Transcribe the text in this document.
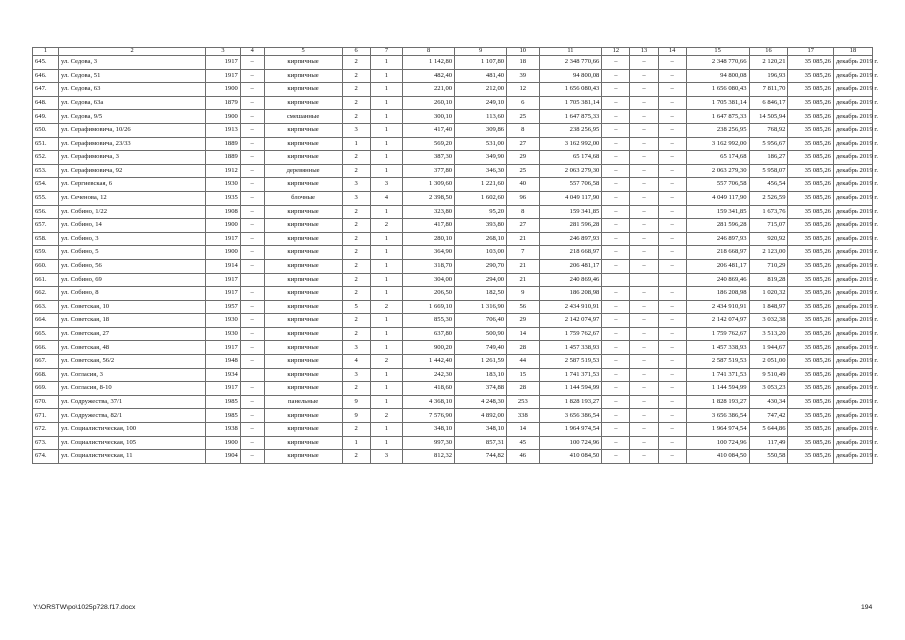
1	2	3	4	5	6	7	8	9	10	11	12	13	14	15	16	17	18
645.	ул. Седова, 3	1917	–	кирпичные	2	1	1 142,80	1 107,80	18	2 348 770,66	–	–	–	2 348 770,66	2 120,21	35 085,26	декабрь 2019 г.
646.	ул. Седова, 51	1917	–	кирпичные	2	1	482,40	481,40	39	94 800,08	–	–	–	94 800,08	196,93	35 085,26	декабрь 2019 г.
647.	ул. Седова, 63	1900	–	кирпичные	2	1	221,00	212,00	12	1 656 080,43	–	–	–	1 656 080,43	7 811,70	35 085,26	декабрь 2019 г.
648.	ул. Седова, 63а	1879	–	кирпичные	2	1	260,10	249,10	6	1 705 381,14	–	–	–	1 705 381,14	6 846,17	35 085,26	декабрь 2019 г.
649.	ул. Седова, 9/5	1900	–	смешанные	2	1	300,10	113,60	25	1 647 875,33	–	–	–	1 647 875,33	14 505,94	35 085,26	декабрь 2019 г.
650.	ул. Серафимовича, 10/26	1913	–	кирпичные	3	1	417,40	309,86	8	238 256,95	–	–	–	238 256,95	768,92	35 085,26	декабрь 2019 г.
651.	ул. Серафимовича, 23/33	1889	–	кирпичные	1	1	569,20	531,00	27	3 162 992,00	–	–	–	3 162 992,00	5 956,67	35 085,26	декабрь 2019 г.
652.	ул. Серафимовича, 3	1889	–	кирпичные	2	1	387,30	349,90	29	65 174,68	–	–	–	65 174,68	186,27	35 085,26	декабрь 2019 г.
653.	ул. Серафимовича, 92	1912	–	деревянные	2	1	377,80	346,30	25	2 063 279,30	–	–	–	2 063 279,30	5 958,07	35 085,26	декабрь 2019 г.
654.	ул. Сергиевская, 6	1930	–	кирпичные	3	3	1 309,60	1 221,60	40	557 706,58	–	–	–	557 706,58	456,54	35 085,26	декабрь 2019 г.
655.	ул. Сеченова, 12	1935	–	блочные	3	4	2 398,50	1 602,60	96	4 049 117,90	–	–	–	4 049 117,90	2 526,59	35 085,26	декабрь 2019 г.
656.	ул. Собино, 1/22	1908	–	кирпичные	2	1	323,80	95,20	8	159 341,85	–	–	–	159 341,85	1 673,76	35 085,26	декабрь 2019 г.
657.	ул. Собино, 14	1900	–	кирпичные	2	2	417,80	393,80	27	281 596,28	–	–	–	281 596,28	715,07	35 085,26	декабрь 2019 г.
658.	ул. Собино, 3	1917	–	кирпичные	2	1	280,10	268,10	21	246 897,93	–	–	–	246 897,93	920,92	35 085,26	декабрь 2019 г.
659.	ул. Собино, 5	1900	–	кирпичные	2	1	364,90	103,00	7	218 668,97	–	–	–	218 668,97	2 123,00	35 085,26	декабрь 2019 г.
660.	ул. Собино, 56	1914	–	кирпичные	2	1	318,70	290,70	21	206 481,17	–	–	–	206 481,17	710,29	35 085,26	декабрь 2019 г.
661.	ул. Собино, 69	1917		кирпичные	2	1	304,00	294,00	21	240 869,46				240 869,46	819,28	35 085,26	декабрь 2019 г.
662.	ул. Собино, 8	1917	–	кирпичные	2	1	206,50	182,50	9	186 208,98	–	–	–	186 208,98	1 020,32	35 085,26	декабрь 2019 г.
663.	ул. Советская, 10	1957	–	кирпичные	5	2	1 669,10	1 316,90	56	2 434 910,91	–	–	–	2 434 910,91	1 848,97	35 085,26	декабрь 2019 г.
664.	ул. Советская, 18	1930	–	кирпичные	2	1	855,30	706,40	29	2 142 074,97	–	–	–	2 142 074,97	3 032,38	35 085,26	декабрь 2019 г.
665.	ул. Советская, 27	1930	–	кирпичные	2	1	637,80	500,90	14	1 759 762,67	–	–	–	1 759 762,67	3 513,20	35 085,26	декабрь 2019 г.
666.	ул. Советская, 48	1917	–	кирпичные	3	1	900,20	749,40	28	1 457 338,93	–	–	–	1 457 338,93	1 944,67	35 085,26	декабрь 2019 г.
667.	ул. Советская, 56/2	1948	–	кирпичные	4	2	1 442,40	1 261,59	44	2 587 519,53	–	–	–	2 587 519,53	2 051,00	35 085,26	декабрь 2019 г.
668.	ул. Согласия, 3	1934		кирпичные	3	1	242,30	183,10	15	1 741 371,53	–	–	–	1 741 371,53	9 510,49	35 085,26	декабрь 2019 г.
669.	ул. Согласия, 8-10	1917	–	кирпичные	2	1	418,60	374,88	28	1 144 594,99	–	–	–	1 144 594,99	3 053,23	35 085,26	декабрь 2019 г.
670.	ул. Содружества, 37/1	1985	–	панельные	9	1	4 368,10	4 248,30	253	1 828 193,27	–	–	–	1 828 193,27	430,34	35 085,26	декабрь 2019 г.
671.	ул. Содружества, 82/1	1985	–	кирпичные	9	2	7 576,90	4 892,00	338	3 656 386,54	–	–	–	3 656 386,54	747,42	35 085,26	декабрь 2019 г.
672.	ул. Социалистическая, 100	1938	–	кирпичные	2	1	348,10	348,10	14	1 964 974,54	–	–	–	1 964 974,54	5 644,86	35 085,26	декабрь 2019 г.
673.	ул. Социалистическая, 105	1900	–	кирпичные	1	1	997,30	857,31	45	100 724,96	–	–	–	100 724,96	117,49	35 085,26	декабрь 2019 г.
674.	ул. Социалистическая, 11	1904	–	кирпичные	2	3	812,32	744,82	46	410 084,50	–	–	–	410 084,50	550,58	35 085,26	декабрь 2019 г.
Y:\ORSTW\po\1025p728.f17.docx	194
